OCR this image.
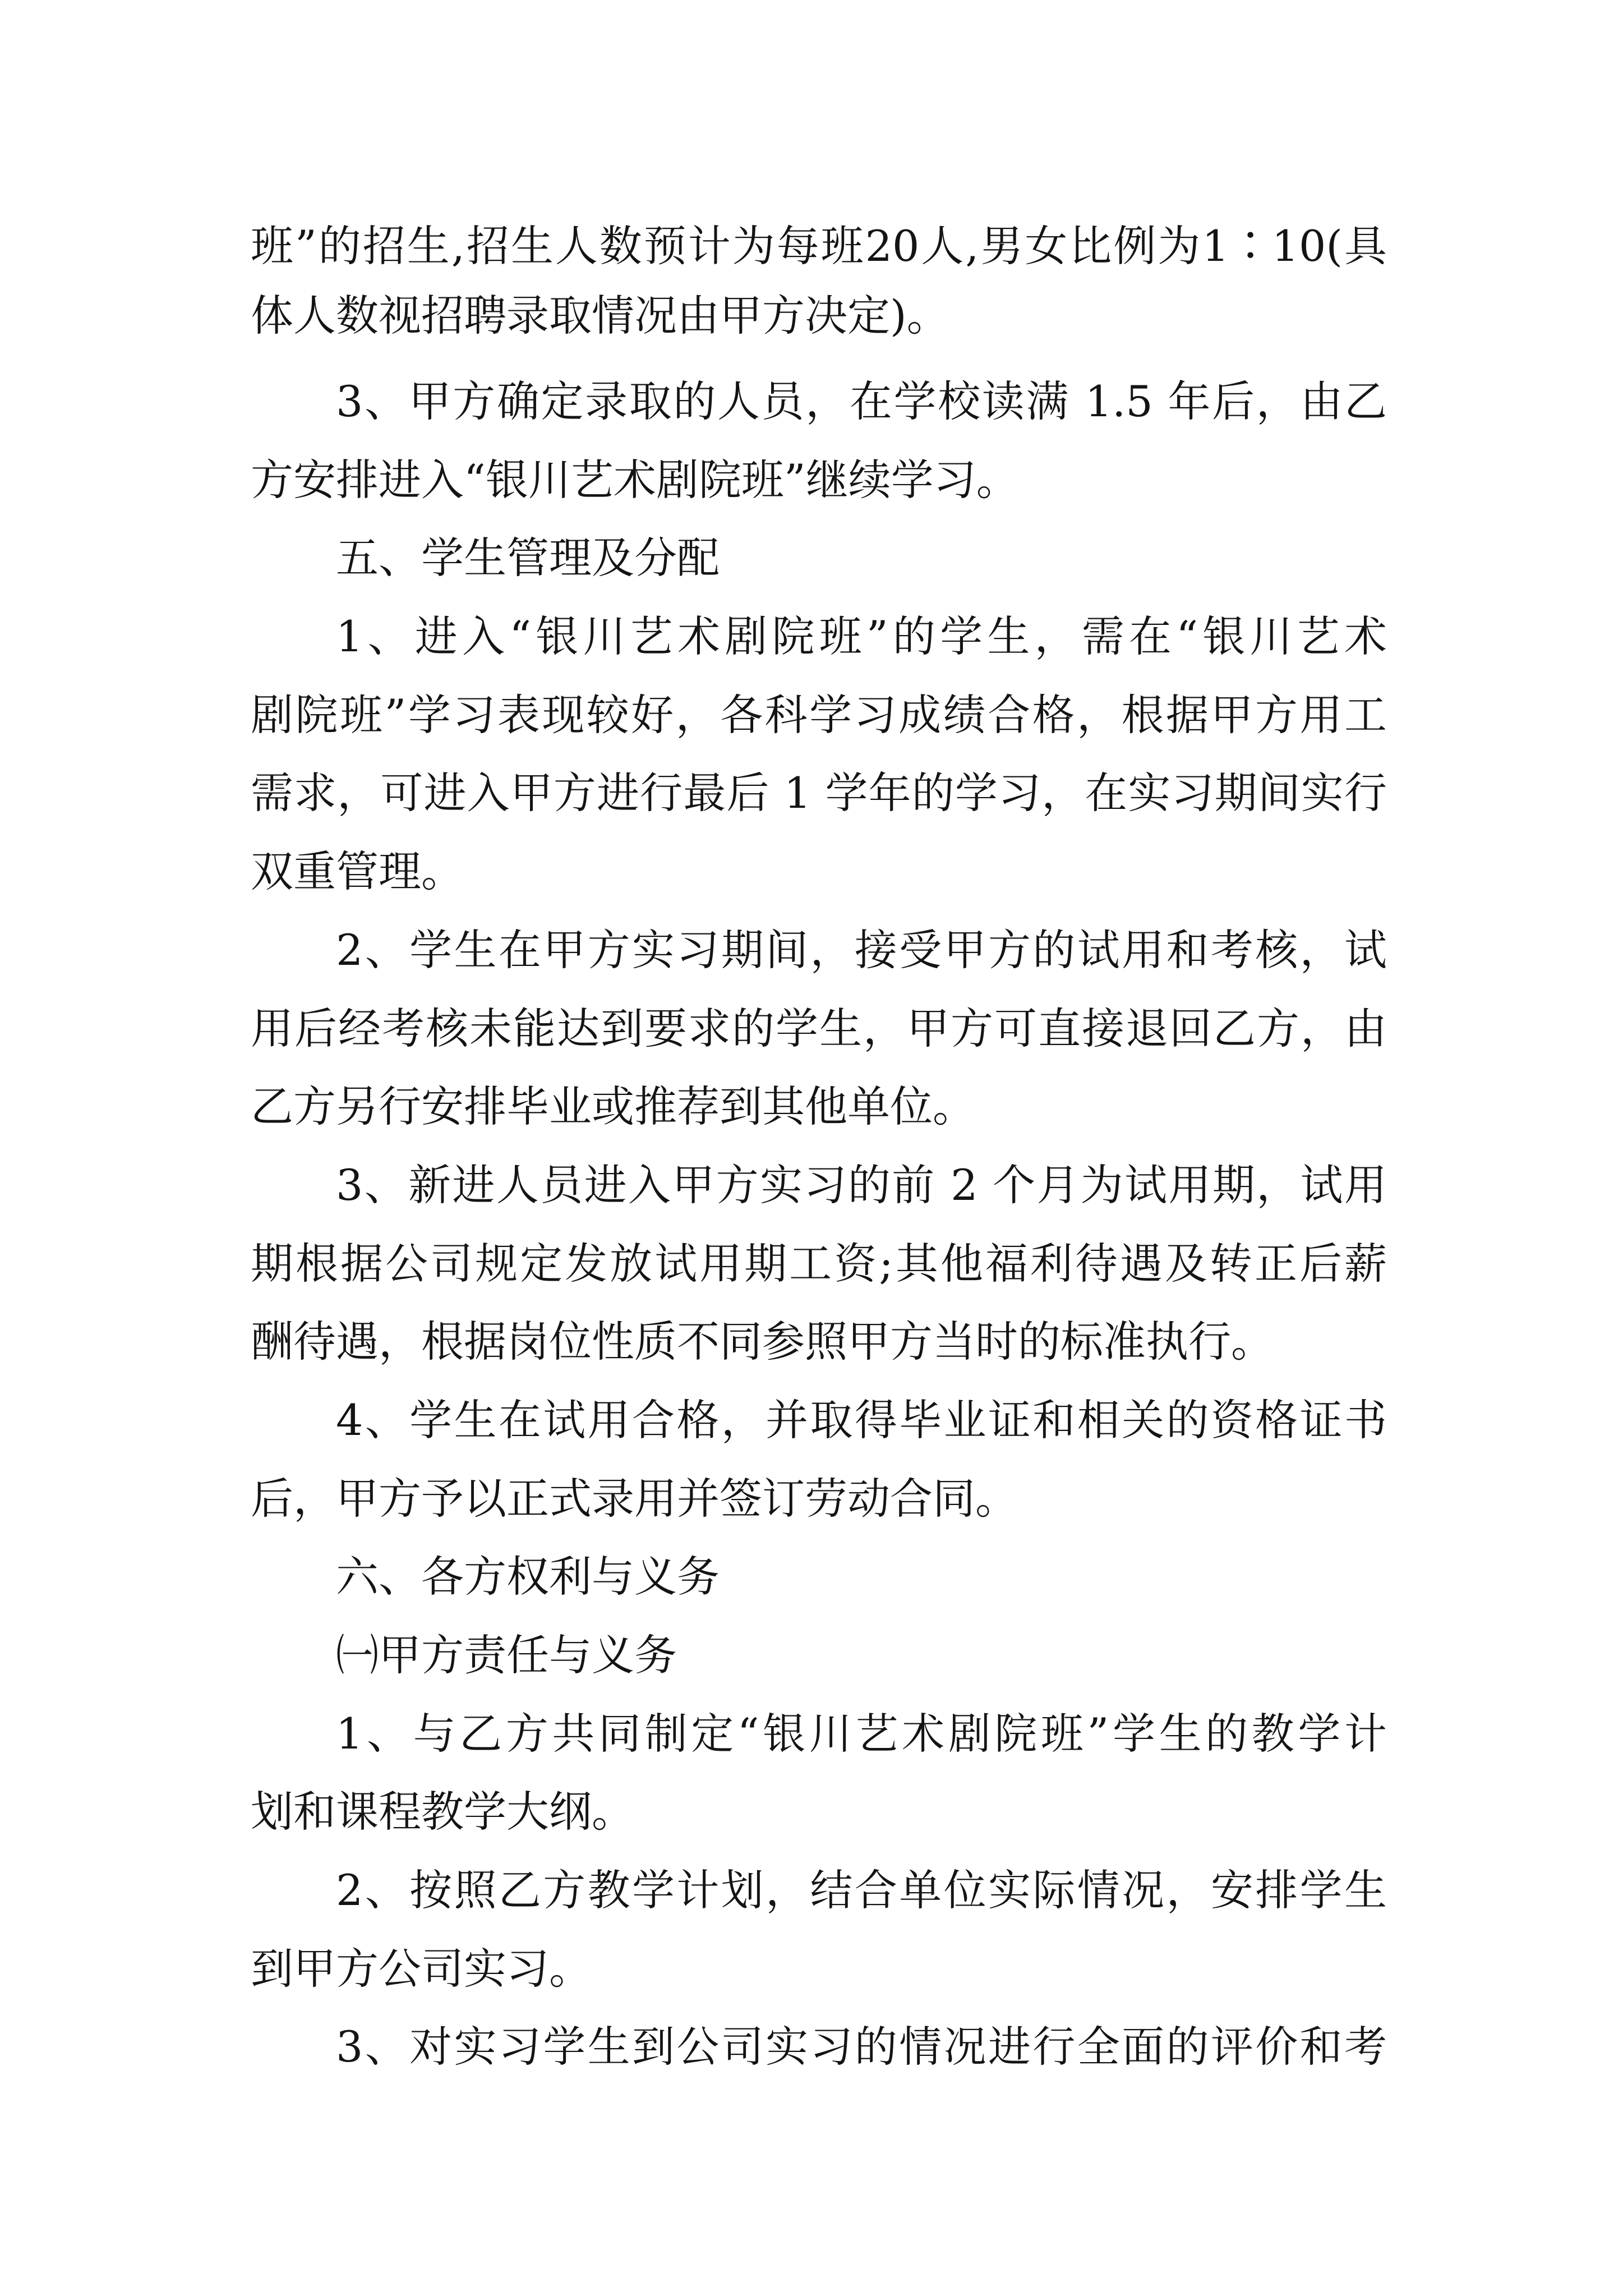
班”的招生,招生人数预计为每班20人,男女比例为1∶10(具
体人数视招聘录取情况由甲方决定)。
3、甲方确定录取的人员，在学校读满 1.5 年后，由乙
方安排进入“银川艺术剧院班”继续学习。
五、学生管理及分配
1、进入“银川艺术剧院班”的学生，需在“银川艺术
剧院班”学习表现较好，各科学习成绩合格，根据甲方用工
需求，可进入甲方进行最后 1 学年的学习，在实习期间实行
双重管理。
2、学生在甲方实习期间，接受甲方的试用和考核，试
用后经考核未能达到要求的学生，甲方可直接退回乙方，由
乙方另行安排毕业或推荐到其他单位。
3、新进人员进入甲方实习的前 2 个月为试用期，试用
期根据公司规定发放试用期工资;其他福利待遇及转正后薪
酬待遇，根据岗位性质不同参照甲方当时的标准执行。
4、学生在试用合格，并取得毕业证和相关的资格证书
后，甲方予以正式录用并签订劳动合同。
六、各方权利与义务
㈠甲方责任与义务
1、与乙方共同制定“银川艺术剧院班”学生的教学计
划和课程教学大纲。
2、按照乙方教学计划，结合单位实际情况，安排学生
到甲方公司实习。
3、对实习学生到公司实习的情况进行全面的评价和考
